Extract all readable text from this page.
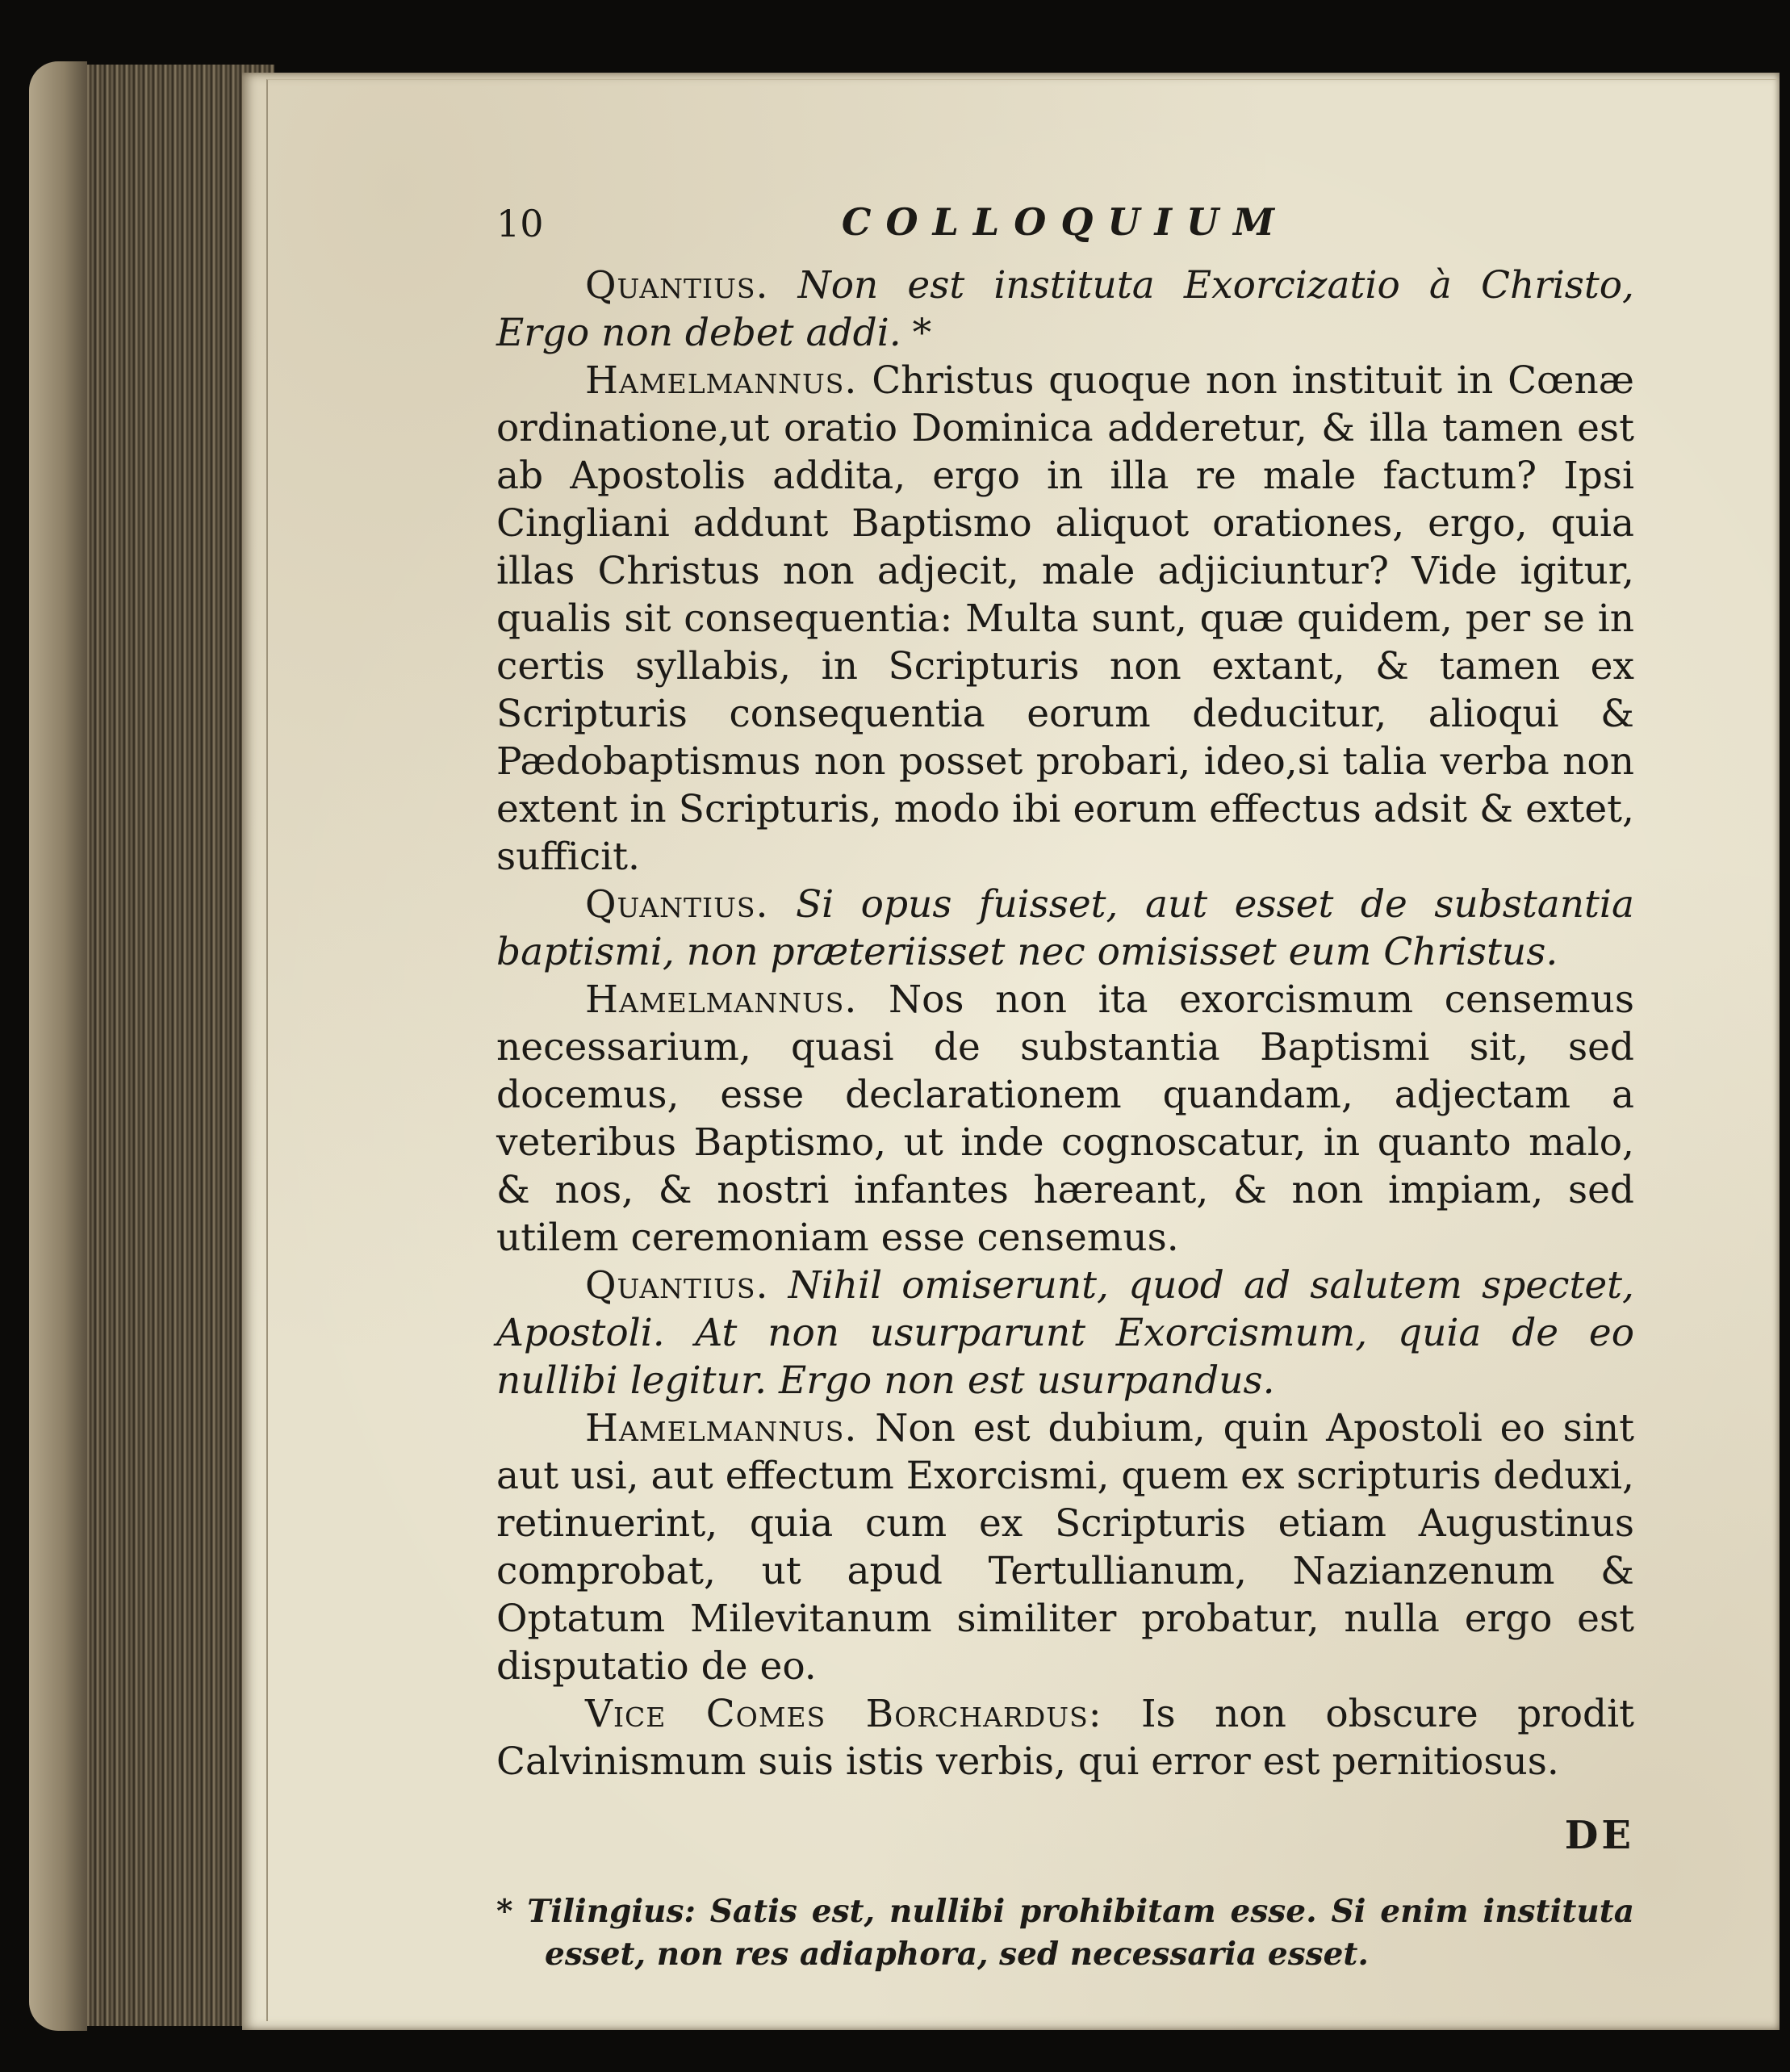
10	COLLOQUIUM

Quantius. Non est instituta Exorcizatio à Christo, Ergo non debet addi. *

Hamelmannus. Christus quoque non instituit in Cœnæ ordinatione,ut oratio Dominica adderetur, & illa tamen est ab Apostolis addita, ergo in illa re male factum? Ipsi Cingliani addunt Baptismo aliquot orationes, ergo, quia illas Christus non adjecit, male adjiciuntur? Vide igitur, qualis sit consequentia: Multa sunt, quæ quidem, per se in certis syllabis, in Scripturis non extant, & tamen ex Scripturis consequentia eorum deducitur, alioqui & Pædobaptismus non posset probari, ideo,si talia verba non extent in Scripturis, modo ibi eorum effectus adsit & extet, sufficit.

Quantius. Si opus fuisset, aut esset de substantia baptismi, non præteriisset nec omisisset eum Christus.

Hamelmannus. Nos non ita exorcismum censemus necessarium, quasi de substantia Baptismi sit, sed docemus, esse declarationem quandam, adjectam a veteribus Baptismo, ut inde cognoscatur, in quanto malo, & nos, & nostri infantes hæreant, & non impiam, sed utilem ceremoniam esse censemus.

Quantius. Nihil omiserunt, quod ad salutem spectet, Apostoli. At non usurparunt Exorcismum, quia de eo nullibi legitur. Ergo non est usurpandus.

Hamelmannus. Non est dubium, quin Apostoli eo sint aut usi, aut effectum Exorcismi, quem ex scripturis deduxi, retinuerint, quia cum ex Scripturis etiam Augustinus comprobat, ut apud Tertullianum, Nazianzenum & Optatum Milevitanum similiter probatur, nulla ergo est disputatio de eo.

Vice Comes Borchardus: Is non obscure prodit Calvinismum suis istis verbis, qui error est pernitiosus.

DE
* Tilingius: Satis est, nullibi prohibitam esse. Si enim instituta esset, non res adiaphora, sed necessaria esset.
